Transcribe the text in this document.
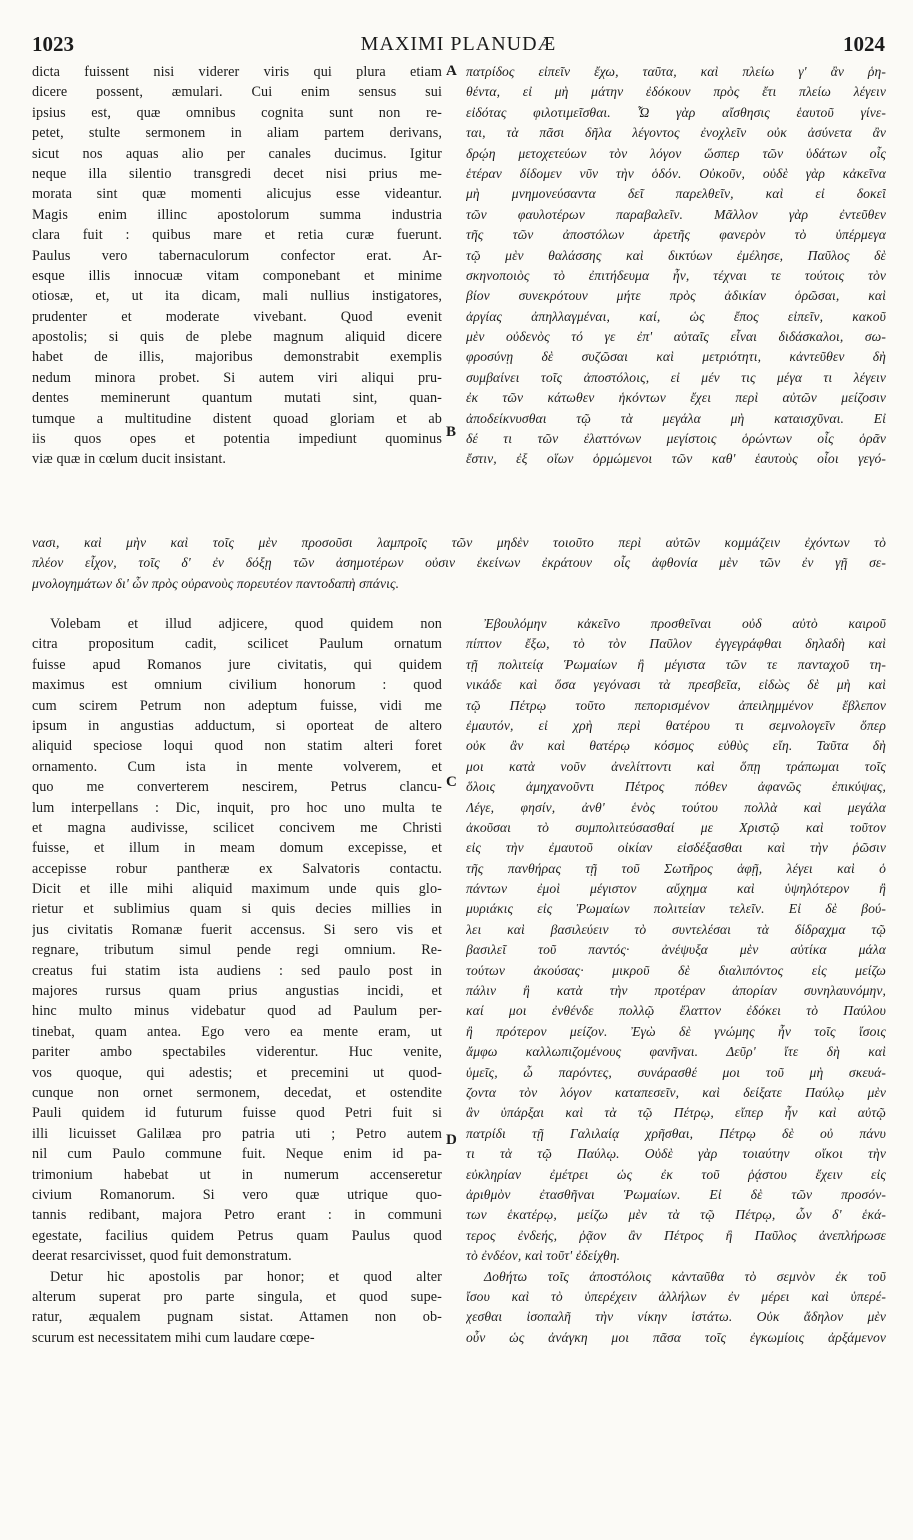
1023	MAXIMI PLANUDÆ	1024
A
B
C
D
dicta fuissent nisi viderer viris qui plura etiam
dicere possent, æmulari. Cui enim sensus sui
ipsius est, quæ omnibus cognita sunt non re-
petet, stulte sermonem in aliam partem derivans,
sicut nos aquas alio per canales ducimus. Igitur
neque illa silentio transgredi decet nisi prius me-
morata sint quæ momenti alicujus esse videantur.
Magis enim illinc apostolorum summa industria
clara fuit : quibus mare et retia curæ fuerunt.
Paulus vero tabernaculorum confector erat. Ar-
esque illis innocuæ vitam componebant et minime
otiosæ, et, ut ita dicam, mali nullius instigatores,
prudenter et moderate vivebant. Quod evenit
apostolis; si quis de plebe magnum aliquid dicere
habet de illis, majoribus demonstrabit exemplis
nedum minora probet. Si autem viri aliqui pru-
dentes meminerunt quantum mutati sint, quan-
tumque a multitudine distent quoad gloriam et ab
iis quos opes et potentia impediunt quominus
viæ quæ in cœlum ducit insistant.
πατρίδος εἰπεῖν ἔχω, ταῦτα, καὶ πλείω γ' ἂν ῥη-
θέντα, εἰ μὴ μάτην ἐδόκουν πρὸς ἔτι πλείω λέγειν
εἰδότας φιλοτιμεῖσθαι. Ὧ γὰρ αἴσθησις ἑαυτοῦ γίνε-
ται, τὰ πᾶσι δῆλα λέγοντος ἐνοχλεῖν οὐκ ἀσύνετα ἂν
δρῴη μετοχετεύων τὸν λόγον ὥσπερ τῶν ὑδάτων οἷς
ἑτέραν δίδομεν νῦν τὴν ὁδόν. Οὐκοῦν, οὐδὲ γὰρ κἀκεῖνα
μὴ μνημονεύσαντα δεῖ παρελθεῖν, καὶ εἰ δοκεῖ
τῶν φαυλοτέρων παραβαλεῖν. Μᾶλλον γὰρ ἐντεῦθεν
τῆς τῶν ἀποστόλων ἀρετῆς φανερὸν τὸ ὑπέρμεγα
τῷ μὲν θαλάσσης καὶ δικτύων ἐμέλησε, Παῦλος δὲ
σκηνοποιὸς τὸ ἐπιτήδευμα ἦν, τέχναι τε τούτοις τὸν
βίον συνεκρότουν μήτε πρὸς ἀδικίαν ὁρῶσαι, καὶ
ἀργίας ἀπηλλαγμέναι, καί, ὡς ἔπος εἰπεῖν, κακοῦ
μὲν οὐδενὸς τό γε ἐπ' αὐταῖς εἶναι διδάσκαλοι, σω-
φροσύνῃ δὲ συζῶσαι καὶ μετριότητι, κἀντεῦθεν δὴ
συμβαίνει τοῖς ἀποστόλοις, εἰ μέν τις μέγα τι λέγειν
ἐκ τῶν κάτωθεν ἡκόντων ἔχει περὶ αὐτῶν μείζοσιν
ἀποδείκνυσθαι τῷ τὰ μεγάλα μὴ καταισχῦναι. Εἰ
δέ τι τῶν ἐλαττόνων μεγίστοις ὁρώντων οἷς ὁρᾶν
ἔστιν, ἐξ οἵων ὁρμώμενοι τῶν καθ' ἑαυτοὺς οἷοι γεγό-
νασι, καὶ μὴν καὶ τοῖς μὲν προσοῦσι λαμπροῖς τῶν μηδὲν τοιοῦτο περὶ αὐτῶν κομμάζειν ἐχόντων τὸ
πλέον εἶχον, τοῖς δ' ἐν δόξῃ τῶν ἀσημοτέρων οὐσιν ἐκείνων ἐκράτουν οἷς ἀφθονία μὲν τῶν ἐν γῇ σε-
μνολογημάτων δι' ὧν πρὸς οὐρανοὺς πορευτέον παντοδαπὴ σπάνις.
Volebam et illud adjicere, quod quidem non
citra propositum cadit, scilicet Paulum ornatum
fuisse apud Romanos jure civitatis, qui quidem
maximus est omnium civilium honorum : quod
cum scirem Petrum non adeptum fuisse, vidi me
ipsum in angustias adductum, si oporteat de altero
aliquid speciose loqui quod non statim alteri foret
ornamento. Cum ista in mente volverem, et
quo me converterem nescirem, Petrus clancu-
lum interpellans : Dic, inquit, pro hoc uno multa te
et magna audivisse, scilicet concivem me Christi
fuisse, et illum in meam domum excepisse, et
accepisse robur pantheræ ex Salvatoris contactu.
Dicit et ille mihi aliquid maximum unde quis glo-
rietur et sublimius quam si quis decies millies in
jus civitatis Romanæ fuerit accensus. Si sero vis et
regnare, tributum simul pende regi omnium. Re-
creatus fui statim ista audiens : sed paulo post in
majores rursus quam prius angustias incidi, et
hinc multo minus videbatur quod ad Paulum per-
tinebat, quam antea. Ego vero ea mente eram, ut
pariter ambo spectabiles viderentur. Huc venite,
vos quoque, qui adestis; et precemini ut quod-
cunque non ornet sermonem, decedat, et ostendite
Pauli quidem id futurum fuisse quod Petri fuit si
illi licuisset Galilæa pro patria uti ; Petro autem
nil cum Paulo commune fuit. Neque enim id pa-
trimonium habebat ut in numerum accenseretur
civium Romanorum. Si vero quæ utrique quo-
tannis redibant, majora Petro erant : in communi
egestate, facilius quidem Petrus quam Paulus quod
deerat resarcivisset, quod fuit demonstratum.
Detur hic apostolis par honor; et quod alter
alterum superat pro parte singula, et quod supe-
ratur, æqualem pugnam sistat. Attamen non ob-
scurum est necessitatem mihi cum laudare cœpe-
Ἐβουλόμην κἀκεῖνο προσθεῖναι οὐδ αὐτὸ καιροῦ
πίπτον ἔξω, τὸ τὸν Παῦλον ἐγγεγράφθαι δηλαδὴ καὶ
τῇ πολιτείᾳ Ῥωμαίων ἢ μέγιστα τῶν τε πανταχοῦ τη-
νικάδε καὶ ὅσα γεγόνασι τὰ πρεσβεῖα, εἰδὼς δὲ μὴ καὶ
τῷ Πέτρῳ τοῦτο πεπορισμένον ἀπειλημμένον ἔβλεπον
ἐμαυτόν, εἰ χρὴ περὶ θατέρου τι σεμνολογεῖν ὅπερ
οὐκ ἂν καὶ θατέρῳ κόσμος εὐθὺς εἴη. Ταῦτα δὴ
μοι κατὰ νοῦν ἀνελίττοντι καὶ ὅπῃ τράπωμαι τοῖς
ὅλοις ἀμηχανοῦντι Πέτρος πόθεν ἀφανῶς ἐπικύψας,
Λέγε, φησίν, ἀνθ' ἑνὸς τούτου πολλὰ καὶ μεγάλα
ἀκοῦσαι τὸ συμπολιτεύσασθαί με Χριστῷ καὶ τοῦτον
εἰς τὴν ἐμαυτοῦ οἰκίαν εἰσδέξασθαι καὶ τὴν ῥῶσιν
τῆς πανθήρας τῇ τοῦ Σωτῆρος ἁφῇ, λέγει καὶ ὁ
πάντων ἐμοὶ μέγιστον αὔχημα καὶ ὑψηλότερον ἢ
μυριάκις εἰς Ῥωμαίων πολιτείαν τελεῖν. Εἰ δὲ βού-
λει καὶ βασιλεύειν τὸ συντελέσαι τὰ δίδραχμα τῷ
βασιλεῖ τοῦ παντός· ἀνέψυξα μὲν αὐτίκα μάλα
τούτων ἀκούσας· μικροῦ δὲ διαλιπόντος εἰς μείζω
πάλιν ἢ κατὰ τὴν προτέραν ἀπορίαν συνηλαυνόμην,
καί μοι ἐνθένδε πολλῷ ἔλαττον ἐδόκει τὸ Παύλου
ἢ πρότερον μείζον. Ἐγὼ δὲ γνώμης ἦν τοῖς ἴσοις
ἄμφω καλλωπιζομένους φανῆναι. Δεῦρ' ἴτε δὴ καὶ
ὑμεῖς, ὦ παρόντες, συνάρασθέ μοι τοῦ μὴ σκευά-
ζοντα τὸν λόγον καταπεσεῖν, καὶ δείξατε Παύλῳ μὲν
ἂν ὑπάρξαι καὶ τὰ τῷ Πέτρῳ, εἴπερ ἦν καὶ αὐτῷ
πατρίδι τῇ Γαλιλαίᾳ χρῆσθαι, Πέτρῳ δὲ οὐ πάνυ
τι τὰ τῷ Παύλῳ. Οὐδὲ γὰρ τοιαύτην οἴκοι τὴν
εὐκληρίαν ἐμέτρει ὡς ἐκ τοῦ ῥᾴστου ἔχειν εἰς
ἀριθμὸν ἐτασθῆναι Ῥωμαίων. Εἰ δὲ τῶν προσόν-
των ἑκατέρῳ, μείζω μὲν τὰ τῷ Πέτρῳ, ὧν δ' ἑκά-
τερος ἐνδεής, ῥᾷον ἂν Πέτρος ἢ Παῦλος ἀνεπλήρωσε
τὸ ἐνδέον, καὶ τοῦτ' ἐδείχθη.
Δοθήτω τοῖς ἀποστόλοις κἀνταῦθα τὸ σεμνὸν ἐκ τοῦ
ἴσου καὶ τὸ ὑπερέχειν ἀλλήλων ἐν μέρει καὶ ὑπερέ-
χεσθαι ἰσοπαλῆ τὴν νίκην ἱστάτω. Οὐκ ἄδηλον μὲν
οὖν ὡς ἀνάγκη μοι πᾶσα τοῖς ἐγκωμίοις ἀρξάμενον
